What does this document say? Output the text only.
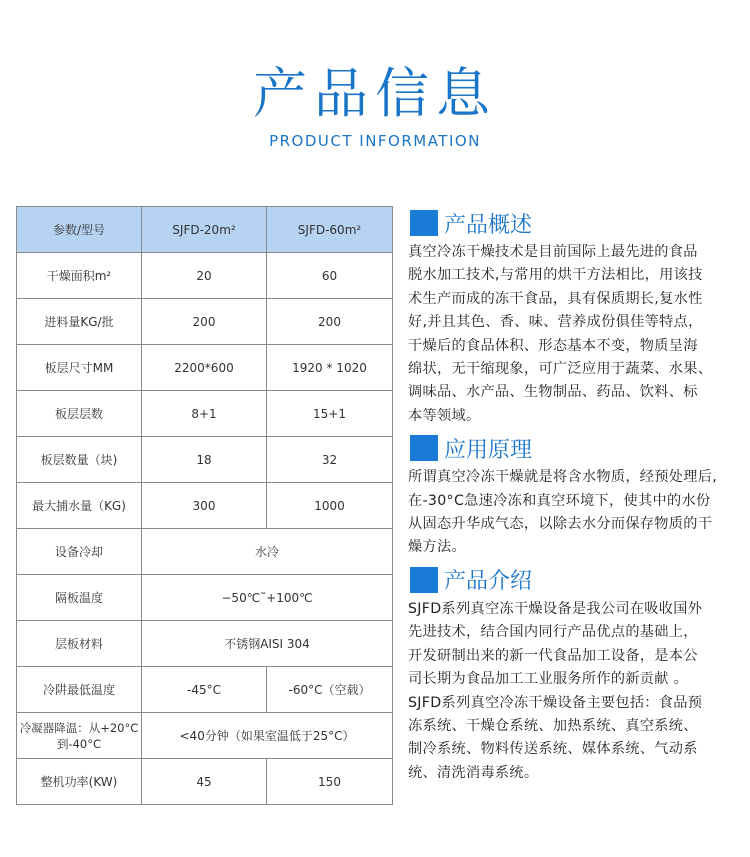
产品信息
PRODUCT INFORMATION
参数/型号	SJFD-20m²	SJFD-60m²
干燥面积m²	20	60
进料量KG/批	200	200
板层尺寸MM	2200*600	1920 * 1020
板层层数	8+1	15+1
板层数量（块)	18	32
最大捕水量（KG)	300	1000
设备冷却	水冷	
隔板温度	−50℃˜+100℃	
层板材料	不锈钢AISI 304	
冷阱最低温度	-45°C	-60°C（空载）
冷凝器降温：从+20°C到-40°C	<40分钟（如果室温低于25°C）	
整机功率(KW)	45	150
产品概述
真空冷冻干燥技术是目前国际上最先进的食品
脱水加工技术,与常用的烘干方法相比，用该技
术生产而成的冻干食品，具有保质期长,复水性
好,并且其色、香、味、营养成份俱佳等特点，
干燥后的食品体积、形态基本不变，物质呈海
绵状，无干缩现象，可广泛应用于蔬菜、水果、
调味品、水产品、生物制品、药品、饮料、标
本等领域。
应用原理
所谓真空冷冻干燥就是将含水物质，经预处理后,
在-30°C急速冷冻和真空环境下，使其中的水份
从固态升华成气态，以除去水分而保存物质的干
燥方法。
产品介绍
SJFD系列真空冻干燥设备是我公司在吸收国外
先进技术，结合国内同行产品优点的基础上，
开发研制出来的新一代食品加工设备，是本公
司长期为食品加工工业服务所作的新贡献 。
SJFD系列真空冷冻干燥设备主要包括：食品预
冻系统、干燥仓系统、加热系统、真空系统、
制冷系统、物料传送系统、媒体系统、气动系
统、清洗消毒系统。
